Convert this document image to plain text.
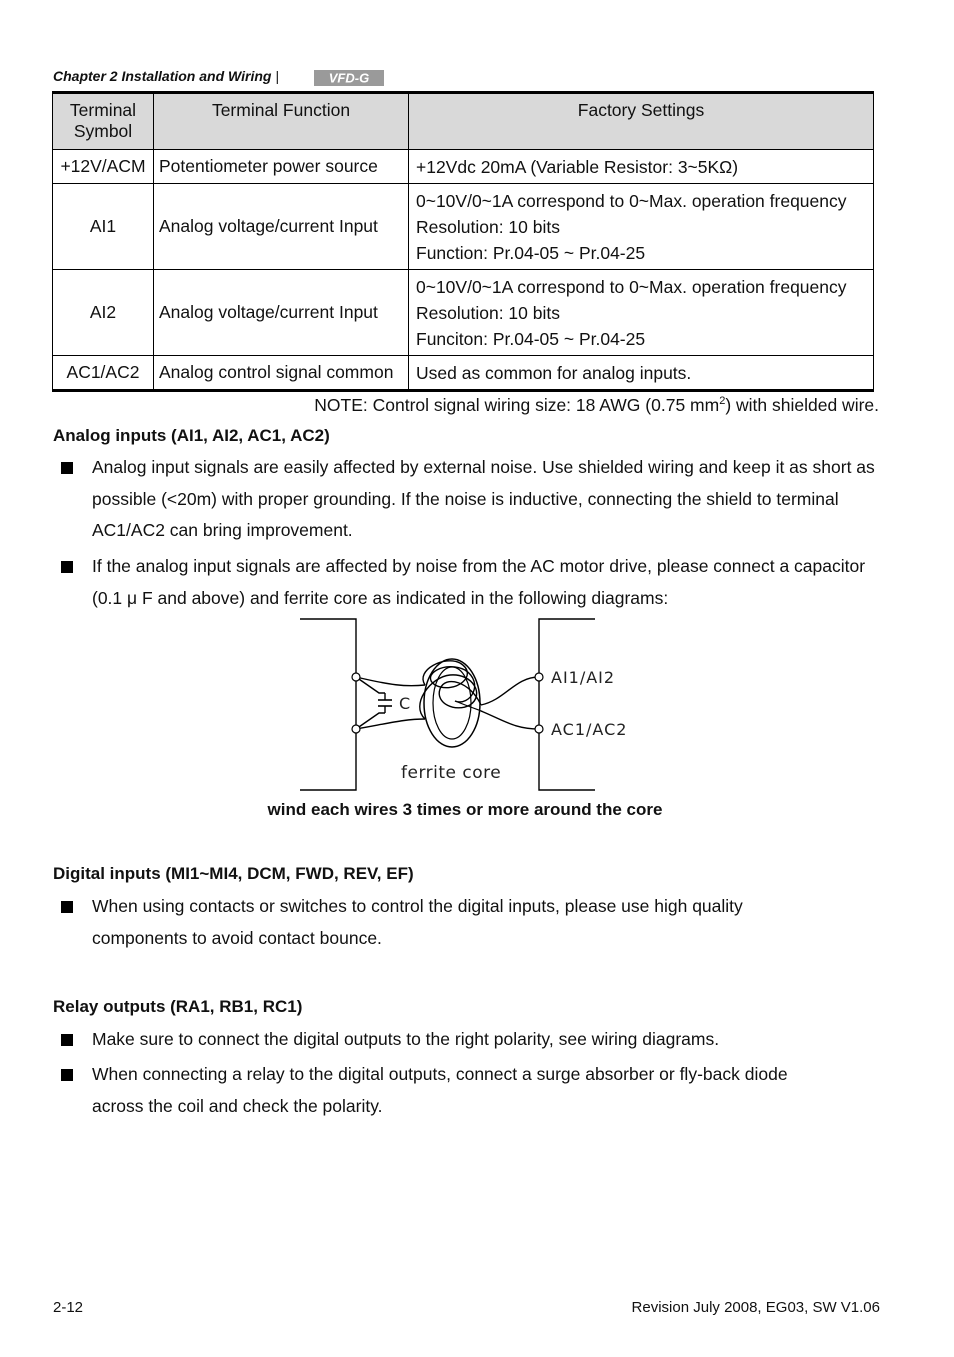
Chapter 2 Installation and Wiring |	VFD-G
Terminal Symbol	Terminal Function	Factory Settings
+12V/ACM	Potentiometer power source	+12Vdc 20mA (Variable Resistor: 3~5KΩ)

AI1	Analog voltage/current Input	0~10V/0~1A correspond to 0~Max. operation frequency
Resolution: 10 bits
Function: Pr.04-05 ~ Pr.04-25

AI2	Analog voltage/current Input	0~10V/0~1A correspond to 0~Max. operation frequency
Resolution: 10 bits
Funciton: Pr.04-05 ~ Pr.04-25

AC1/AC2	Analog control signal common	Used as common for analog inputs.
NOTE: Control signal wiring size: 18 AWG (0.75 $mm^2$) with shielded wire.
Analog inputs (AI1, AI2, AC1, AC2)
Analog input signals are easily affected by external noise. Use shielded wiring and keep it as short as possible (<20m) with proper grounding. If the noise is inductive, connecting the shield to terminal AC1/AC2 can bring improvement.
If the analog input signals are affected by noise from the AC motor drive, please connect a capacitor (0.1 μ F and above) and ferrite core as indicated in the following diagrams:
C
AI1/AI2
AC1/AC2
ferrite core
wind each wires 3 times or more around the core
Digital inputs (MI1~MI4, DCM, FWD, REV, EF)
When using contacts or switches to control the digital inputs, please use high quality components to avoid contact bounce.
Relay outputs (RA1, RB1, RC1)
Make sure to connect the digital outputs to the right polarity, see wiring diagrams.
When connecting a relay to the digital outputs, connect a surge absorber or fly-back diode across the coil and check the polarity.
2-12	Revision July 2008, EG03, SW V1.06
